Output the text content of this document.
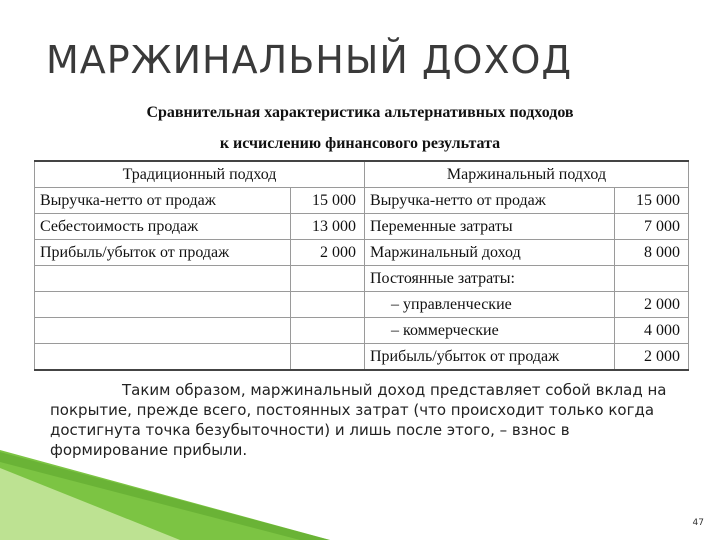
МАРЖИНАЛЬНЫЙ ДОХОД
Сравнительная характеристика альтернативных подходов
к исчислению финансового результата
Традиционный подход		Маржинальный подход	
Выручка-нетто от продаж	15 000	Выручка-нетто от продаж	15 000
Себестоимость продаж	13 000	Переменные затраты	7 000
Прибыль/убыток от продаж	2 000	Маржинальный доход	8 000
		Постоянные затраты:	
		– управленческие	2 000
		– коммерческие	4 000
		Прибыль/убыток от продаж	2 000

Таким образом, маржинальный доход представляет собой вклад на покрытие, прежде всего, постоянных затрат (что происходит только когда достигнута точка безубыточности) и лишь после этого, – взнос в формирование прибыли.

47
